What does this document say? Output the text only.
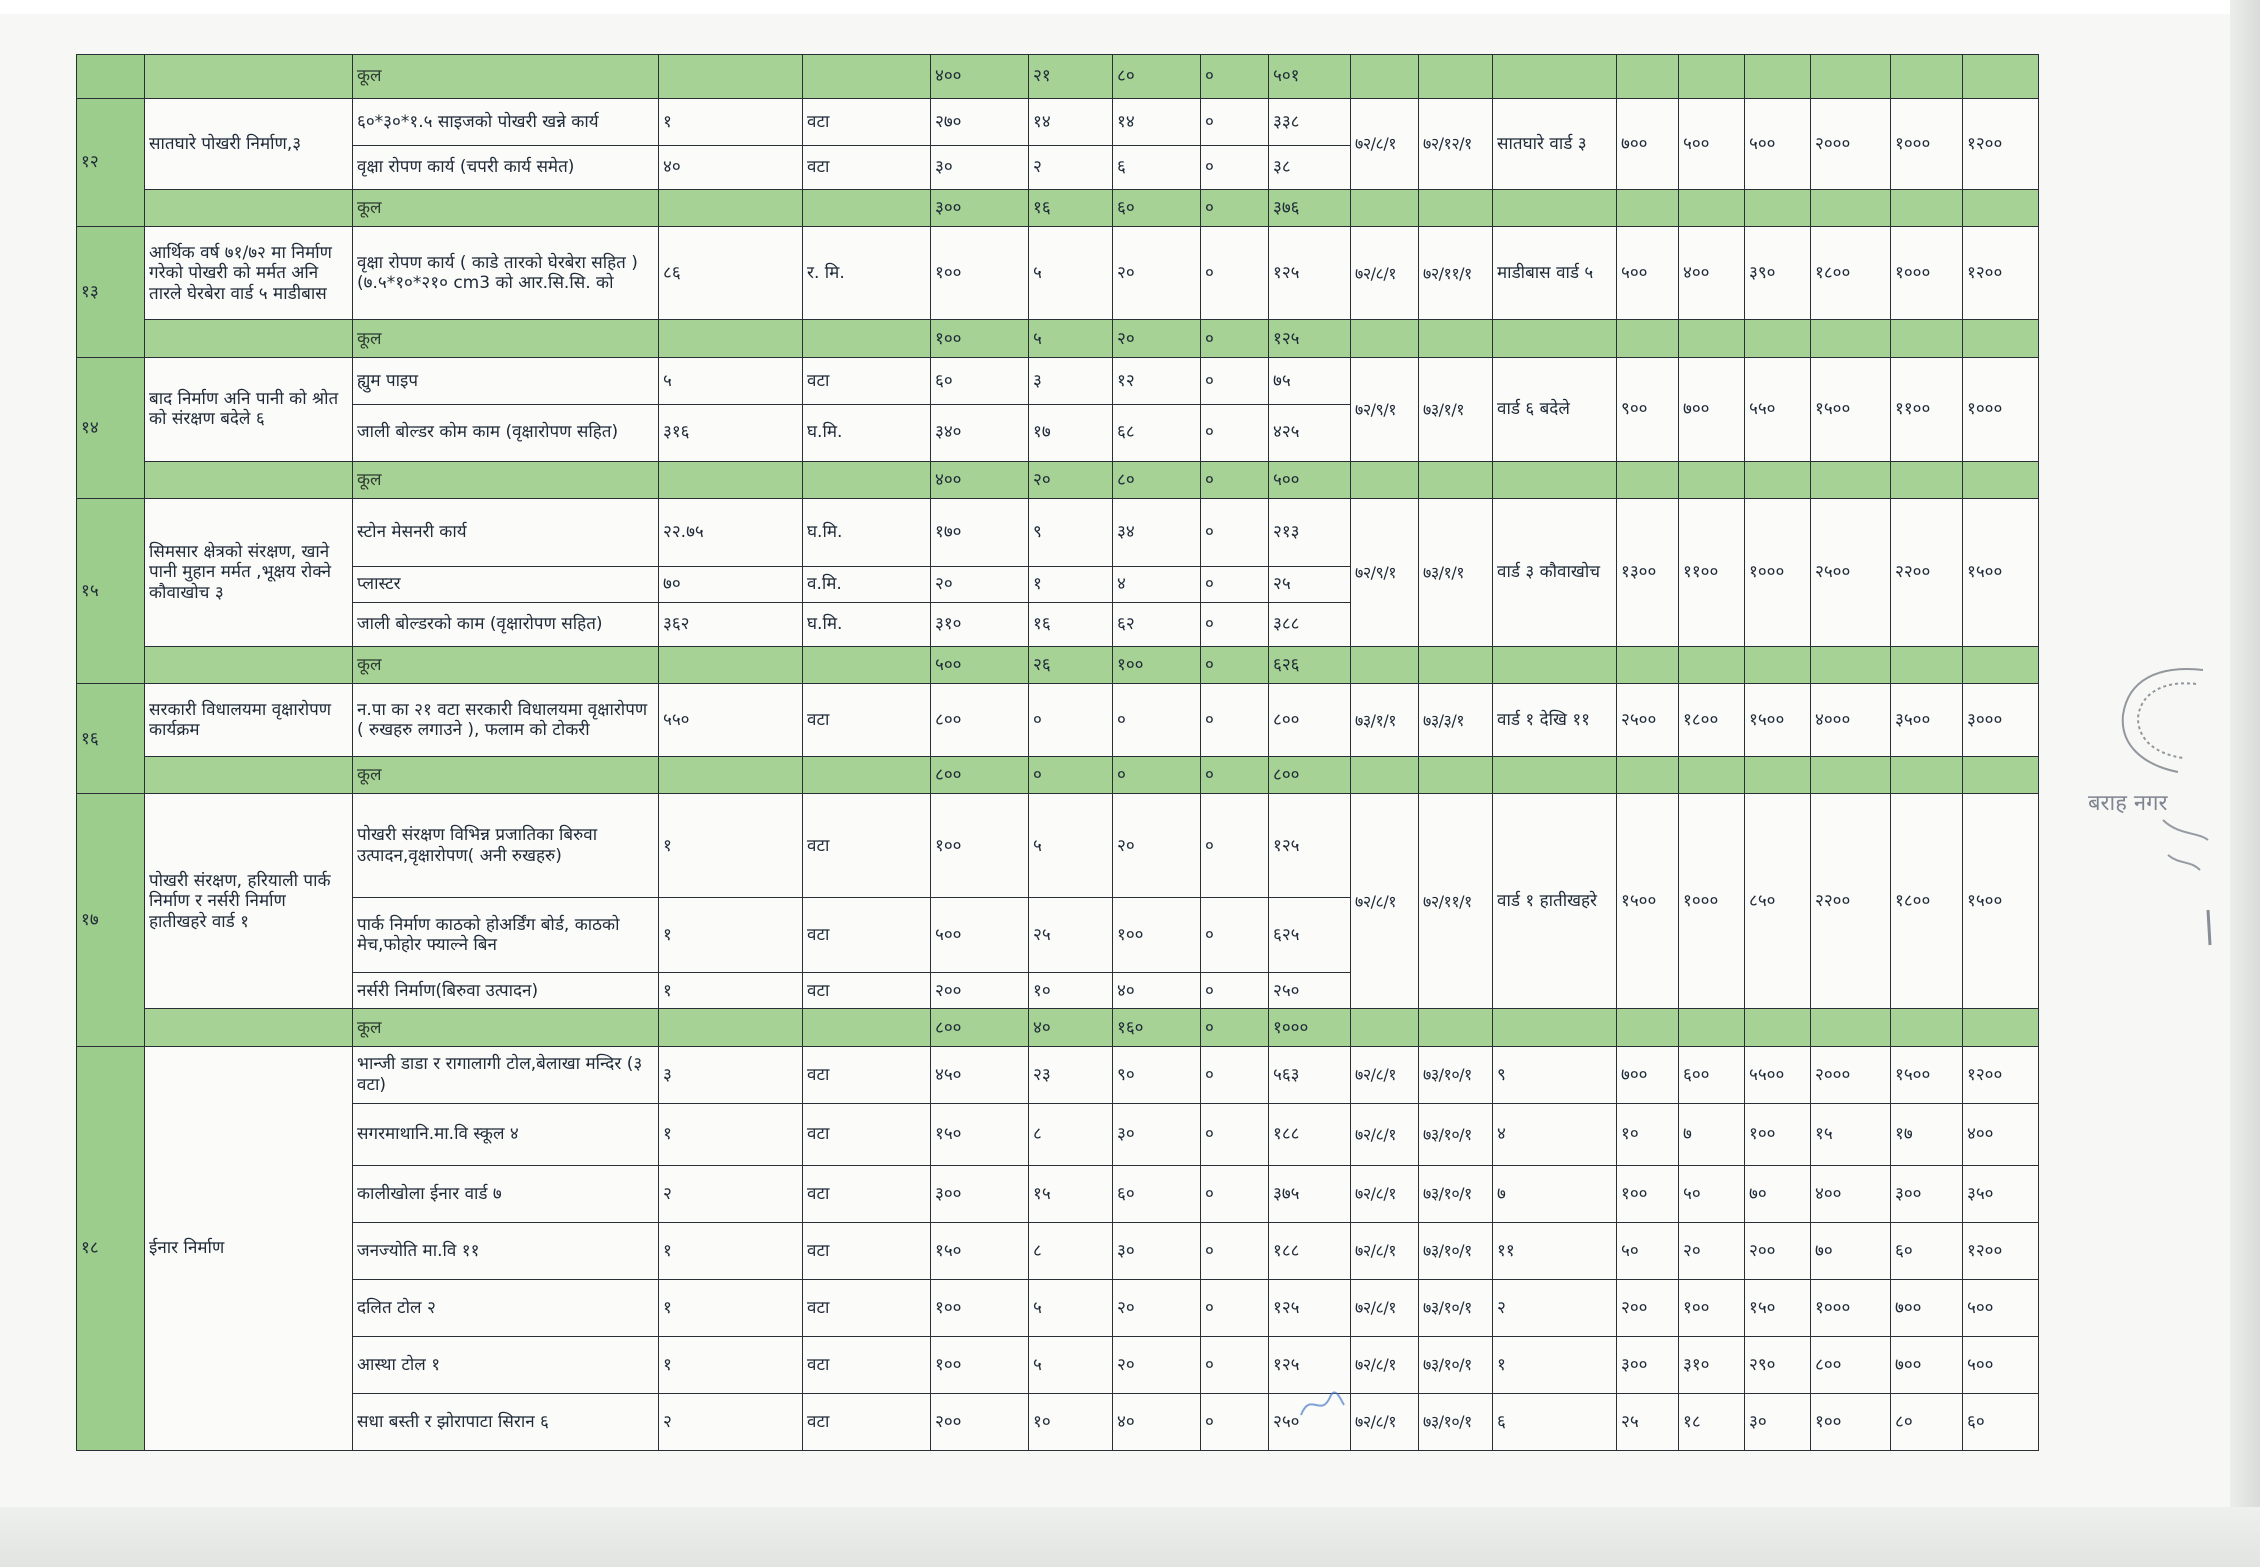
		कूल			४००	२१	८०	०	५०१									
१२	सातघारे पोखरी निर्माण,३	६०*३०*१.५ साइजको पोखरी खन्ने कार्य	१	वटा	२७०	१४	१४	०	३३८	७२/८/१	७२/१२/१	सातघारे वार्ड ३	७००	५००	५००	२०००	१०००	१२००
		वृक्षा रोपण कार्य (चपरी कार्य समेत)	४०	वटा	३०	२	६	०	३८									
		कूल			३००	१६	६०	०	३७६									
१३	आर्थिक वर्ष ७१/७२ मा निर्माण गरेको पोखरी को मर्मत अनि तारले घेरबेरा वार्ड ५ माडीबास	वृक्षा रोपण कार्य ( काडे तारको घेरबेरा सहित ) (७.५*१०*२१० cm3 को आर.सि.सि. को	८६	र. मि.	१००	५	२०	०	१२५	७२/८/१	७२/११/१	माडीबास वार्ड ५	५००	४००	३९०	१८००	१०००	१२००
		कूल			१००	५	२०	०	१२५									
१४	बाद निर्माण अनि पानी को श्रोत को संरक्षण बदेले ६	ह्युम पाइप	५	वटा	६०	३	१२	०	७५	७२/९/१	७३/१/१	वार्ड ६ बदेले	९००	७००	५५०	१५००	११००	१०००
		जाली बोल्डर कोम काम (वृक्षारोपण सहित)	३१६	घ.मि.	३४०	१७	६८	०	४२५									
		कूल			४००	२०	८०	०	५००									
१५	सिमसार क्षेत्रको संरक्षण, खाने पानी मुहान मर्मत ,भूक्षय रोक्ने कौवाखोच ३	स्टोन मेसनरी कार्य	२२.७५	घ.मि.	१७०	९	३४	०	२१३	७२/९/१	७३/१/१	वार्ड ३ कौवाखोच	१३००	११००	१०००	२५००	२२००	१५००
		प्लास्टर	७०	व.मि.	२०	१	४	०	२५									
		जाली बोल्डरको काम (वृक्षारोपण सहित)	३६२	घ.मि.	३१०	१६	६२	०	३८८									
		कूल			५००	२६	१००	०	६२६									
१६	सरकारी विधालयमा वृक्षारोपण कार्यक्रम	न.पा का २१ वटा सरकारी विधालयमा वृक्षारोपण ( रुखहरु लगाउने ), फलाम को टोकरी	५५०	वटा	८००	०	०	०	८००	७३/१/१	७३/३/१	वार्ड १ देखि ११	२५००	१८००	१५००	४०००	३५००	३०००
		कूल			८००	०	०	०	८००									
१७	पोखरी संरक्षण, हरियाली पार्क निर्माण र नर्सरी निर्माण हातीखहरे वार्ड १	पोखरी संरक्षण विभिन्न प्रजातिका बिरुवा उत्पादन,वृक्षारोपण( अनी रुखहरु)	१	वटा	१००	५	२०	०	१२५	७२/८/१	७२/११/१	वार्ड १ हातीखहरे	१५००	१०००	८५०	२२००	१८००	१५००
		पार्क निर्माण काठको होअर्डिंग बोर्ड, काठको मेच,फोहोर फ्याल्ने बिन	१	वटा	५००	२५	१००	०	६२५									
		नर्सरी निर्माण(बिरुवा उत्पादन)	१	वटा	२००	१०	४०	०	२५०									
		कूल			८००	४०	१६०	०	१०००									
१८	ईनार निर्माण	भान्जी डाडा र रागालागी टोल,बेलाखा मन्दिर (३ वटा)	३	वटा	४५०	२३	९०	०	५६३	७२/८/१	७३/१०/१	९	७००	६००	५५००	२०००	१५००	१२००
		सगरमाथानि.मा.वि स्कूल ४	१	वटा	१५०	८	३०	०	१८८	७२/८/१	७३/१०/१	४	१०	७	१००	१५	१७	४००
		कालीखोला ईनार वार्ड ७	२	वटा	३००	१५	६०	०	३७५	७२/८/१	७३/१०/१	७	१००	५०	७०	४००	३००	३५०
		जनज्योति मा.वि ११	१	वटा	१५०	८	३०	०	१८८	७२/८/१	७३/१०/१	११	५०	२०	२००	७०	६०	१२००
		दलित टोल २	१	वटा	१००	५	२०	०	१२५	७२/८/१	७३/१०/१	२	२००	१००	१५०	१०००	७००	५००
		आस्था टोल १	१	वटा	१००	५	२०	०	१२५	७२/८/१	७३/१०/१	१	३००	३१०	२९०	८००	७००	५००
		सधा बस्ती र झोरापाटा सिरान ६	२	वटा	२००	१०	४०	०	२५०	७२/८/१	७३/१०/१	६	२५	१८	३०	१००	८०	६०
बराह नगर
